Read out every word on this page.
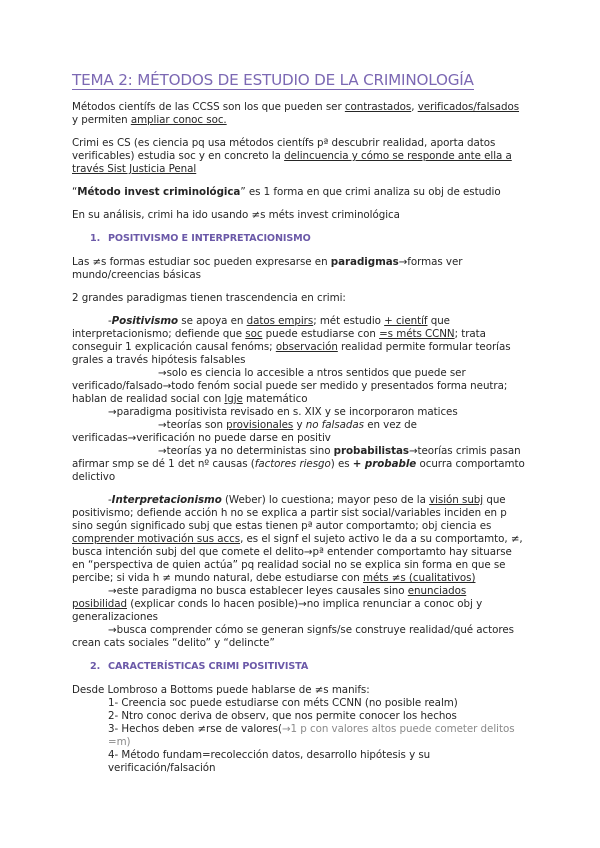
TEMA 2: MÉTODOS DE ESTUDIO DE LA CRIMINOLOGÍA
Métodos científs de las CCSS son los que pueden ser contrastados, verificados/falsados
y permiten ampliar conoc soc.
Crimi es CS (es ciencia pq usa métodos científs pª descubrir realidad, aporta datos
verificables) estudia soc y en concreto la delincuencia y cómo se responde ante ella a
través Sist Justicia Penal
“Método invest criminológica” es 1 forma en que crimi analiza su obj de estudio
En su análisis, crimi ha ido usando ≠s méts invest criminológica
1. POSITIVISMO E INTERPRETACIONISMO
Las ≠s formas estudiar soc pueden expresarse en paradigmas→formas ver
mundo/creencias básicas
2 grandes paradigmas tienen trascendencia en crimi:
-Positivismo se apoya en datos empirs; mét estudio + científ que
interpretacionismo; defiende que soc puede estudiarse con =s méts CCNN; trata
conseguir 1 explicación causal fenóms; observación realidad permite formular teorías
grales a través hipótesis falsables
→solo es ciencia lo accesible a ntros sentidos que puede ser
verificado/falsado→todo fenóm social puede ser medido y presentados forma neutra;
hablan de realidad social con lgje matemático
→paradigma positivista revisado en s. XIX y se incorporaron matices
→teorías son provisionales y no falsadas en vez de
verificadas→verificación no puede darse en positiv
→teorías ya no deterministas sino probabilistas→teorías crimis pasan
afirmar smp se dé 1 det nº causas (factores riesgo) es + probable ocurra comportamto
delictivo
-Interpretacionismo (Weber) lo cuestiona; mayor peso de la visión subj que
positivismo; defiende acción h no se explica a partir sist social/variables inciden en p
sino según significado subj que estas tienen pª autor comportamto; obj ciencia es
comprender motivación sus accs, es el signf el sujeto activo le da a su comportamto, ≠,
busca intención subj del que comete el delito→pª entender comportamto hay situarse
en “perspectiva de quien actúa” pq realidad social no se explica sin forma en que se
percibe; si vida h ≠ mundo natural, debe estudiarse con méts ≠s (cualitativos)
→este paradigma no busca establecer leyes causales sino enunciados
posibilidad (explicar conds lo hacen posible)→no implica renunciar a conoc obj y
generalizaciones
→busca comprender cómo se generan signfs/se construye realidad/qué actores
crean cats sociales “delito” y “delincte”
2. CARACTERÍSTICAS CRIMI POSITIVISTA
Desde Lombroso a Bottoms puede hablarse de ≠s manifs:
1- Creencia soc puede estudiarse con méts CCNN (no posible realm)
2- Ntro conoc deriva de observ, que nos permite conocer los hechos
3- Hechos deben ≠rse de valores(→1 p con valores altos puede cometer delitos
=m)
4- Método fundam=recolección datos, desarrollo hipótesis y su
verificación/falsación
